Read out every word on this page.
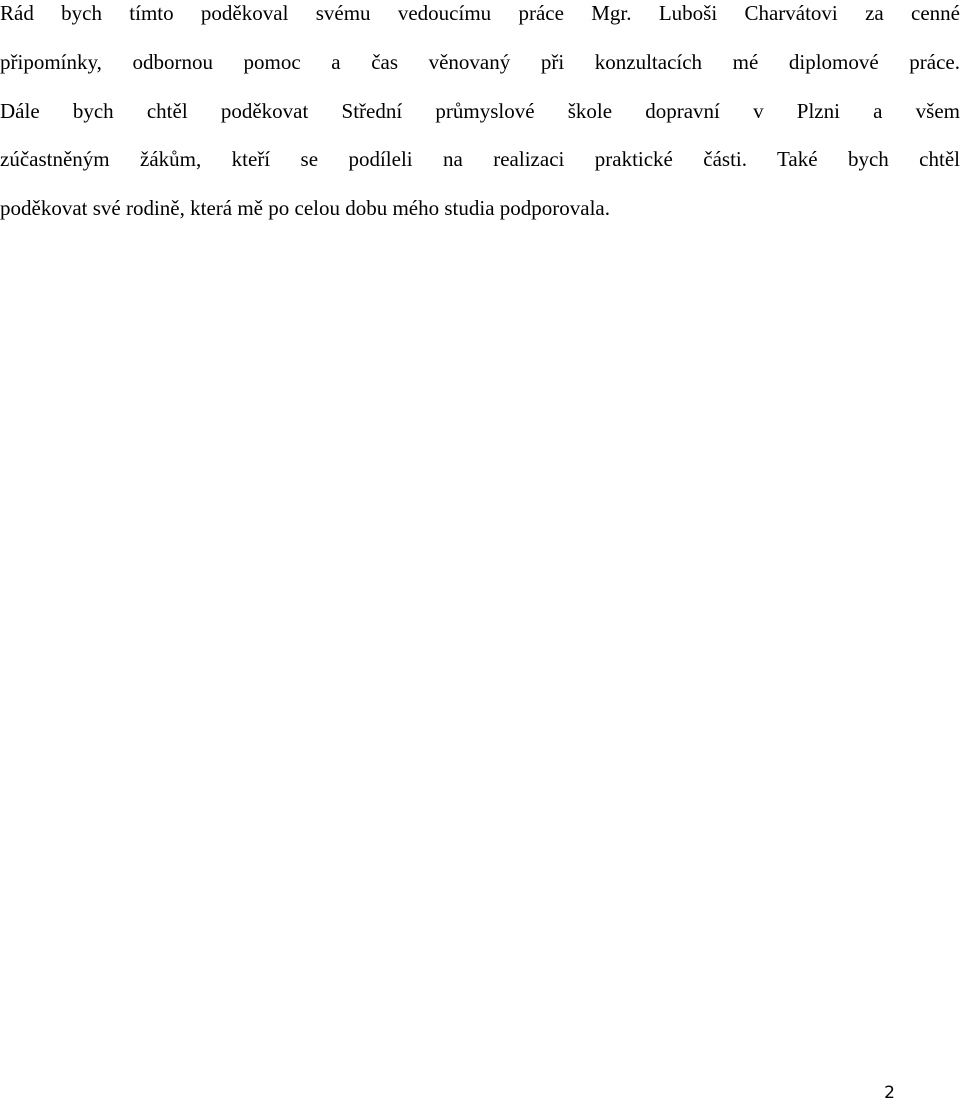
Rád bych tímto poděkoval svému vedoucímu práce Mgr. Luboši Charvátovi za cenné

připomínky, odbornou pomoc a čas věnovaný při konzultacích mé diplomové práce.

Dále bych chtěl poděkovat Střední průmyslové škole dopravní v Plzni a všem

zúčastněným žákům, kteří se podíleli na realizaci praktické části. Také bych chtěl

poděkovat své rodině, která mě po celou dobu mého studia podporovala.

2
